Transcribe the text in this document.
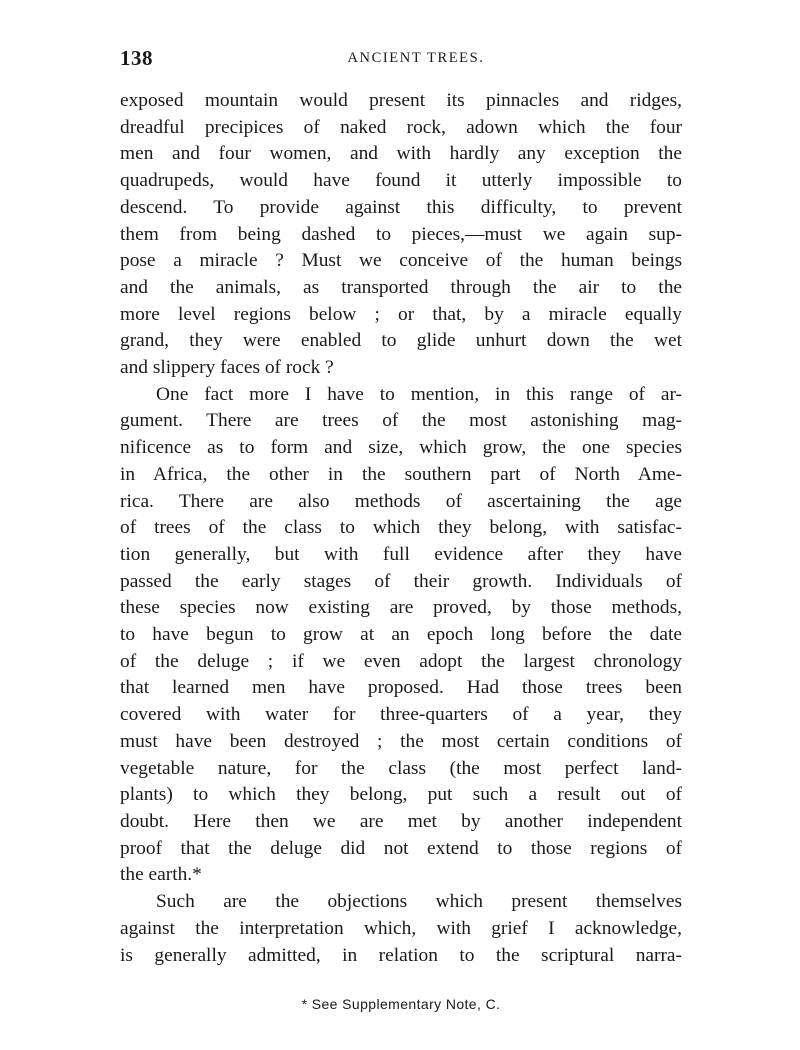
138	ANCIENT TREES.
exposed mountain would present its pinnacles and ridges,
dreadful precipices of naked rock, adown which the four
men and four women, and with hardly any exception the
quadrupeds, would have found it utterly impossible to
descend. To provide against this difficulty, to prevent
them from being dashed to pieces,—must we again sup-
pose a miracle ? Must we conceive of the human beings
and the animals, as transported through the air to the
more level regions below ; or that, by a miracle equally
grand, they were enabled to glide unhurt down the wet
and slippery faces of rock ?
One fact more I have to mention, in this range of ar-
gument. There are trees of the most astonishing mag-
nificence as to form and size, which grow, the one species
in Africa, the other in the southern part of North Ame-
rica. There are also methods of ascertaining the age
of trees of the class to which they belong, with satisfac-
tion generally, but with full evidence after they have
passed the early stages of their growth. Individuals of
these species now existing are proved, by those methods,
to have begun to grow at an epoch long before the date
of the deluge ; if we even adopt the largest chronology
that learned men have proposed. Had those trees been
covered with water for three-quarters of a year, they
must have been destroyed ; the most certain conditions of
vegetable nature, for the class (the most perfect land-
plants) to which they belong, put such a result out of
doubt. Here then we are met by another independent
proof that the deluge did not extend to those regions of
the earth.*
Such are the objections which present themselves
against the interpretation which, with grief I acknowledge,
is generally admitted, in relation to the scriptural narra-
* See Supplementary Note, C.
